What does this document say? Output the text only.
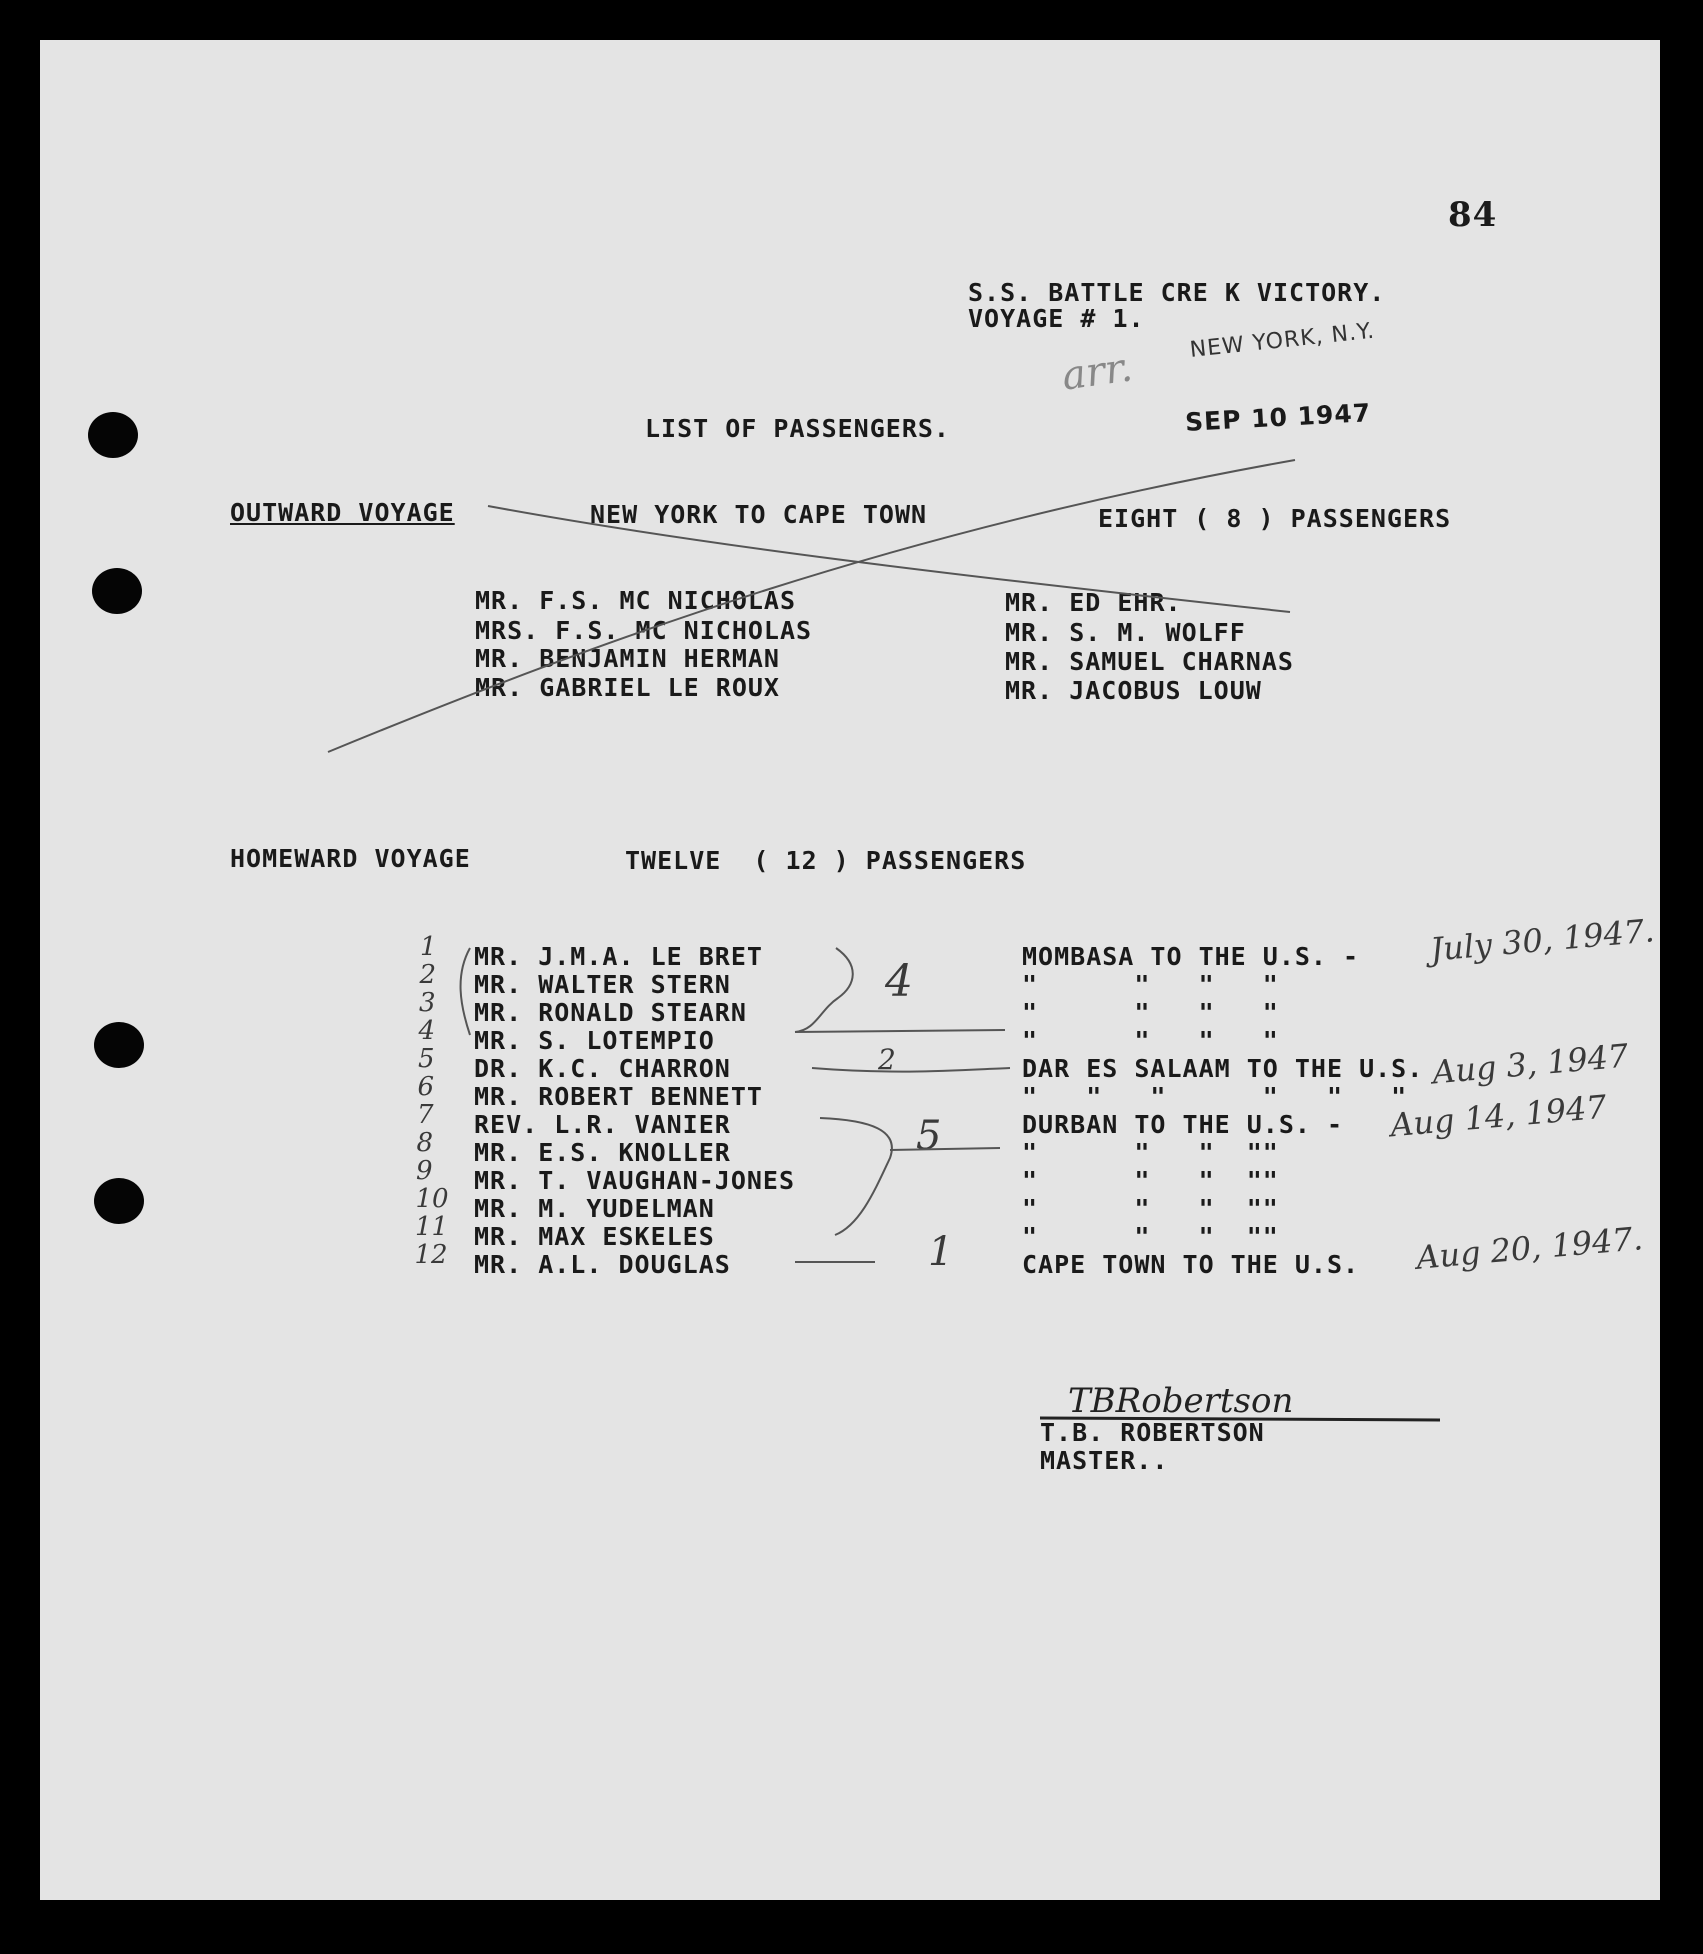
84
S.S. BATTLE CRE K VICTORY.
VOYAGE # 1.
arr.
NEW YORK, N.Y.
SEP 10 1947
LIST OF PASSENGERS.
OUTWARD VOYAGE	NEW YORK TO CAPE TOWN	EIGHT ( 8 ) PASSENGERS
MR. F.S. MC NICHOLAS
MRS. F.S. MC NICHOLAS
MR. BENJAMIN HERMAN
MR. GABRIEL LE ROUX
MR. ED EHR.
MR. S. M. WOLFF
MR. SAMUEL CHARNAS
MR. JACOBUS LOUW
HOMEWARD VOYAGE	TWELVE  ( 12 ) PASSENGERS
1 MR. J.M.A. LE BRET	MOMBASA TO THE U.S. - July 30, 1947.
2 MR. WALTER STERN	"      "   "   "
3 MR. RONALD STEARN	"      "   "   "
4 MR. S. LOTEMPIO	"      "   "   "
5 DR. K.C. CHARRON	DAR ES SALAAM TO THE U.S. Aug 3, 1947
6 MR. ROBERT BENNETT	"   "   "      "   "   "
7 REV. L.R. VANIER	DURBAN TO THE U.S. - Aug 14, 1947
8 MR. E.S. KNOLLER	"      "   "  ""
9 MR. T. VAUGHAN-JONES	"      "   "  ""
10 MR. M. YUDELMAN	"      "   "  ""
11 MR. MAX ESKELES	"      "   "  ""
12 MR. A.L. DOUGLAS	CAPE TOWN TO THE U.S. Aug 20, 1947.
4
2
5
1
TBRobertson
T.B. ROBERTSON
MASTER..
